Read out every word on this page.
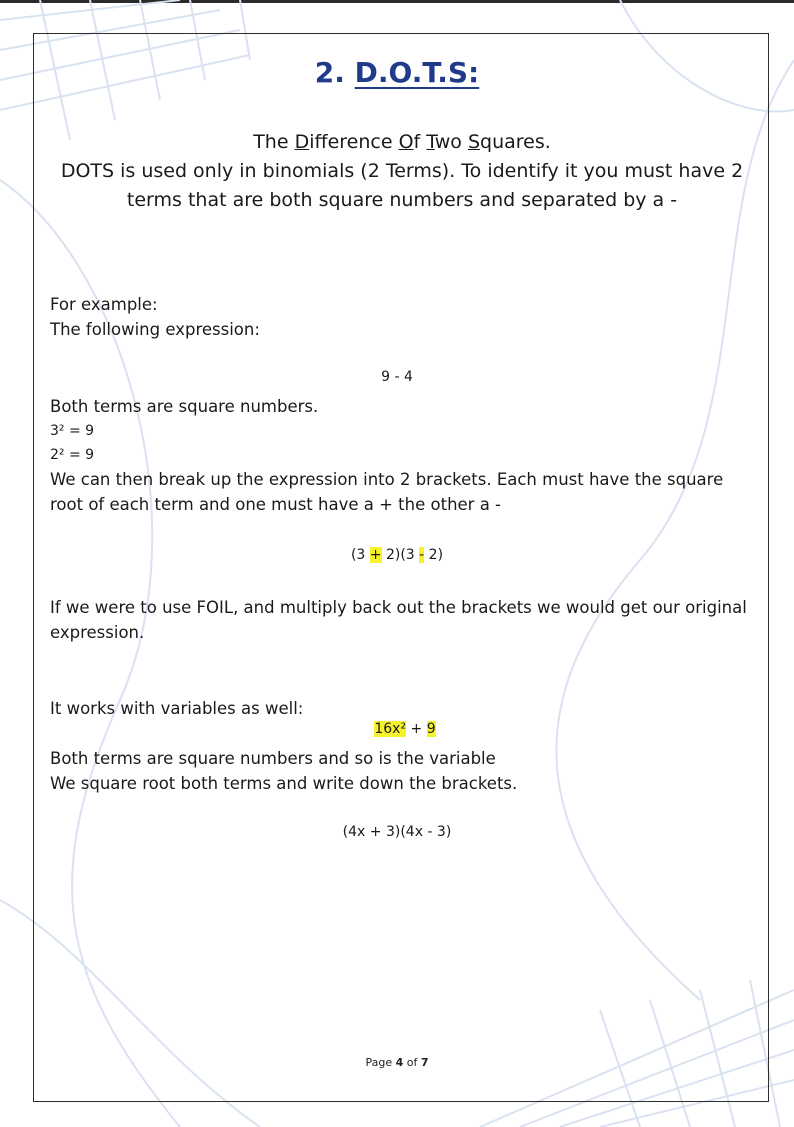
2. D.O.T.S:
The Difference Of Two Squares.
DOTS is used only in binomials (2 Terms). To identify it you must have 2 terms that are both square numbers and separated by a -
For example:
The following expression:
9 - 4
Both terms are square numbers.
3² = 9
2² = 9
We can then break up the expression into 2 brackets. Each must have the square root of each term and one must have a + the other a -
(3 + 2)(3 - 2)
If we were to use FOIL, and multiply back out the brackets we would get our original expression.
It works with variables as well:
16x² + 9
Both terms are square numbers and so is the variable
We square root both terms and write down the brackets.
(4x + 3)(4x - 3)
Page 4 of 7
